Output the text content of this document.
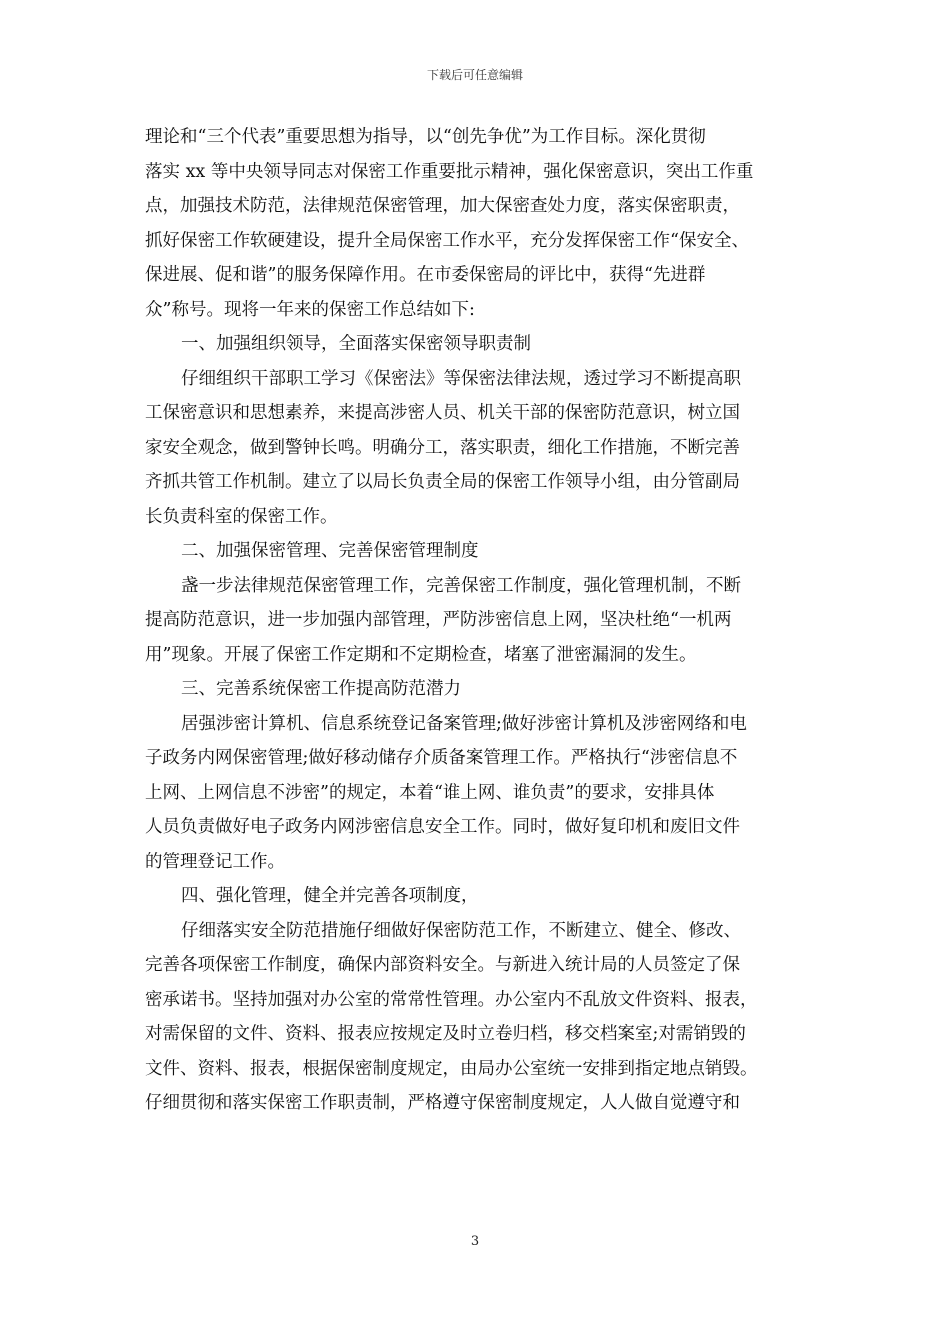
下载后可任意编辑
理论和“三个代表”重要思想为指导，以“创先争优”为工作目标。深化贯彻
落实 xx 等中央领导同志对保密工作重要批示精神，强化保密意识，突出工作重
点，加强技术防范，法律规范保密管理，加大保密查处力度，落实保密职责，
抓好保密工作软硬建设，提升全局保密工作水平，充分发挥保密工作“保安全、
保进展、促和谐”的服务保障作用。在市委保密局的评比中，获得“先进群
众”称号。现将一年来的保密工作总结如下:
一、加强组织领导，全面落实保密领导职责制
仔细组织干部职工学习《保密法》等保密法律法规，透过学习不断提高职
工保密意识和思想素养，来提高涉密人员、机关干部的保密防范意识，树立国
家安全观念，做到警钟长鸣。明确分工，落实职责，细化工作措施，不断完善
齐抓共管工作机制。建立了以局长负责全局的保密工作领导小组，由分管副局
长负责科室的保密工作。
二、加强保密管理、完善保密管理制度
盏一步法律规范保密管理工作，完善保密工作制度，强化管理机制，不断
提高防范意识，进一步加强内部管理，严防涉密信息上网，坚决杜绝“一机两
用”现象。开展了保密工作定期和不定期检查，堵塞了泄密漏洞的发生。
三、完善系统保密工作提高防范潜力
居强涉密计算机、信息系统登记备案管理;做好涉密计算机及涉密网络和电
子政务内网保密管理;做好移动储存介质备案管理工作。严格执行“涉密信息不
上网、上网信息不涉密”的规定，本着“谁上网、谁负责”的要求，安排具体
人员负责做好电子政务内网涉密信息安全工作。同时，做好复印机和废旧文件
的管理登记工作。
四、强化管理，健全并完善各项制度，
仔细落实安全防范措施仔细做好保密防范工作，不断建立、健全、修改、
完善各项保密工作制度，确保内部资料安全。与新进入统计局的人员签定了保
密承诺书。坚持加强对办公室的常常性管理。办公室内不乱放文件资料、报表，
对需保留的文件、资料、报表应按规定及时立卷归档，移交档案室;对需销毁的
文件、资料、报表，根据保密制度规定，由局办公室统一安排到指定地点销毁。
仔细贯彻和落实保密工作职责制，严格遵守保密制度规定，人人做自觉遵守和
3
